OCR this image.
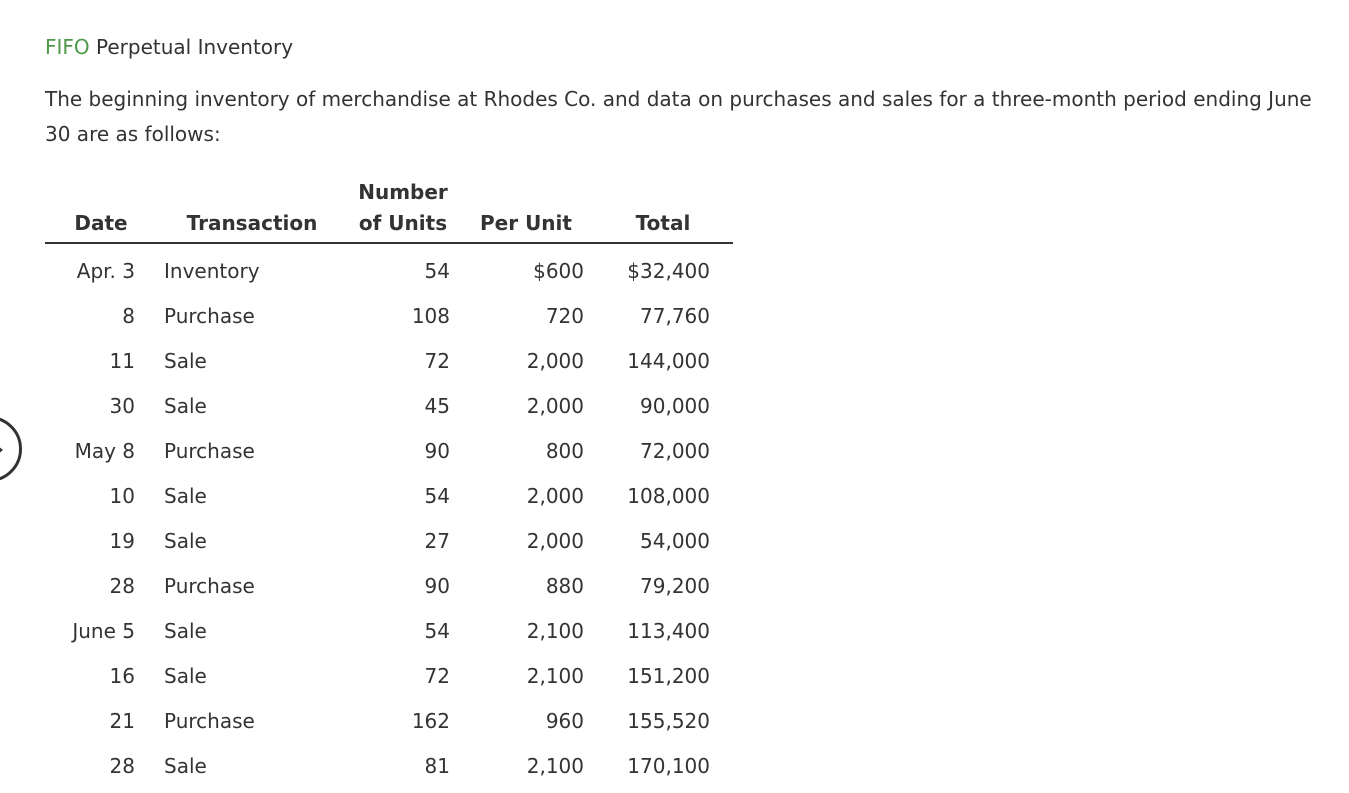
FIFO Perpetual Inventory
The beginning inventory of merchandise at Rhodes Co. and data on purchases and sales for a three-month period ending June 30 are as follows:
		Number		
Date	Transaction	of Units	Per Unit	Total
Apr. 3	Inventory	54	$600	$32,400
8	Purchase	108	720	77,760
11	Sale	72	2,000	144,000
30	Sale	45	2,000	90,000
May 8	Purchase	90	800	72,000
10	Sale	54	2,000	108,000
19	Sale	27	2,000	54,000
28	Purchase	90	880	79,200
June 5	Sale	54	2,100	113,400
16	Sale	72	2,100	151,200
21	Purchase	162	960	155,520
28	Sale	81	2,100	170,100
